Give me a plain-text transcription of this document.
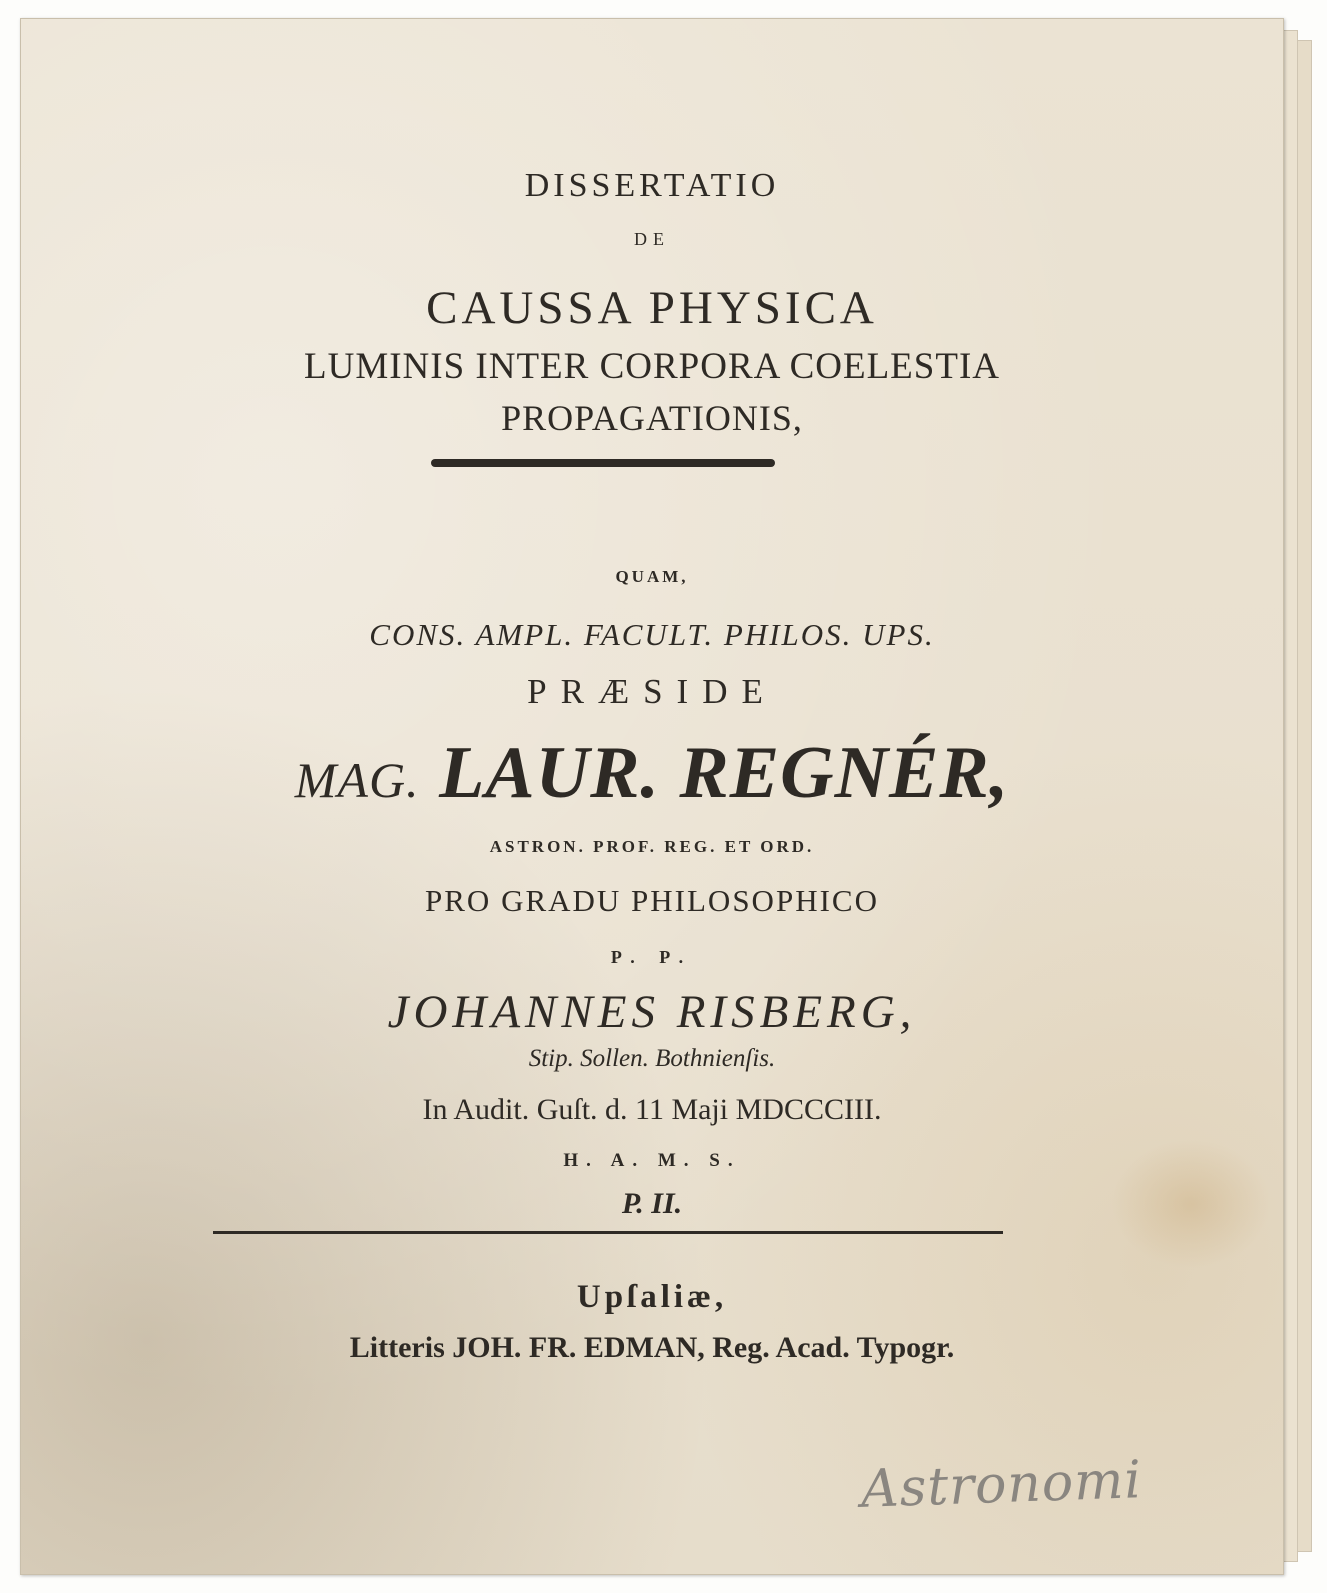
DISSERTATIO
DE
CAUSSA PHYSICA
LUMINIS INTER CORPORA COELESTIA
PROPAGATIONIS,
QUAM,
CONS. AMPL. FACULT. PHILOS. UPS.
PRÆSIDE
MAG. LAUR. REGNÉR,
ASTRON. PROF. REG. ET ORD.
PRO GRADU PHILOSOPHICO
P. P.
JOHANNES RISBERG,
Stip. Sollen. Bothnienſis.
In Audit. Guſt. d. 11 Maji MDCCCIII.
H. A. M. S.
P. II.
Upſaliæ,
Litteris JOH. FR. EDMAN, Reg. Acad. Typogr.
Astronomi
